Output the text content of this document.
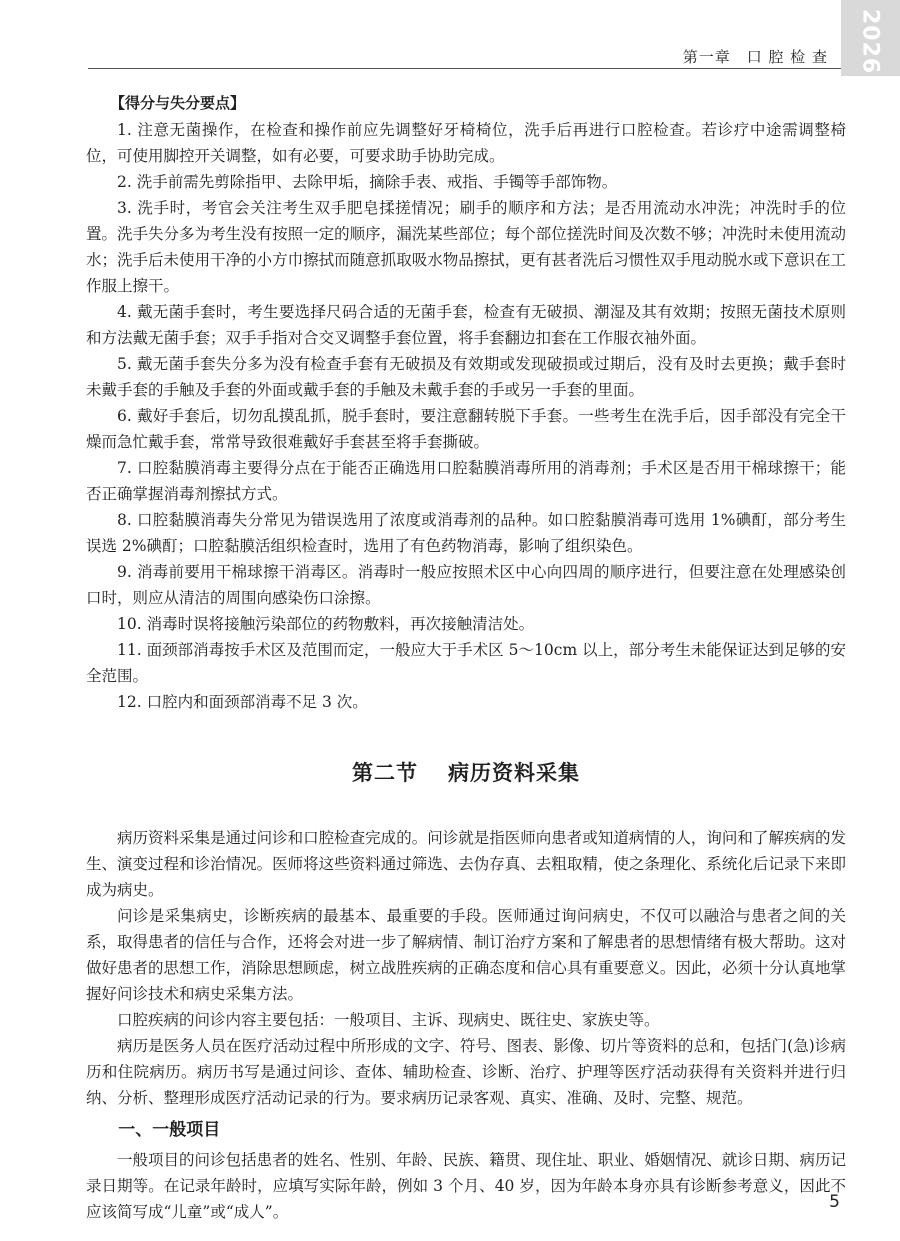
2026
第一章　口 腔 检 查
【得分与失分要点】

1. 注意无菌操作，在检查和操作前应先调整好牙椅椅位，洗手后再进行口腔检查。若诊疗中途需调整椅位，可使用脚控开关调整，如有必要，可要求助手协助完成。

2. 洗手前需先剪除指甲、去除甲垢，摘除手表、戒指、手镯等手部饰物。

3. 洗手时，考官会关注考生双手肥皂揉搓情况；刷手的顺序和方法；是否用流动水冲洗；冲洗时手的位置。洗手失分多为考生没有按照一定的顺序，漏洗某些部位；每个部位搓洗时间及次数不够；冲洗时未使用流动水；洗手后未使用干净的小方巾擦拭而随意抓取吸水物品擦拭，更有甚者洗后习惯性双手甩动脱水或下意识在工作服上擦干。

4. 戴无菌手套时，考生要选择尺码合适的无菌手套，检查有无破损、潮湿及其有效期；按照无菌技术原则和方法戴无菌手套；双手手指对合交叉调整手套位置，将手套翻边扣套在工作服衣袖外面。

5. 戴无菌手套失分多为没有检查手套有无破损及有效期或发现破损或过期后，没有及时去更换；戴手套时未戴手套的手触及手套的外面或戴手套的手触及未戴手套的手或另一手套的里面。

6. 戴好手套后，切勿乱摸乱抓，脱手套时，要注意翻转脱下手套。一些考生在洗手后，因手部没有完全干燥而急忙戴手套，常常导致很难戴好手套甚至将手套撕破。

7. 口腔黏膜消毒主要得分点在于能否正确选用口腔黏膜消毒所用的消毒剂；手术区是否用干棉球擦干；能否正确掌握消毒剂擦拭方式。

8. 口腔黏膜消毒失分常见为错误选用了浓度或消毒剂的品种。如口腔黏膜消毒可选用 1%碘酊，部分考生误选 2%碘酊；口腔黏膜活组织检查时，选用了有色药物消毒，影响了组织染色。

9. 消毒前要用干棉球擦干消毒区。消毒时一般应按照术区中心向四周的顺序进行，但要注意在处理感染创口时，则应从清洁的周围向感染伤口涂擦。

10. 消毒时误将接触污染部位的药物敷料，再次接触清洁处。

11. 面颈部消毒按手术区及范围而定，一般应大于手术区 5～10cm 以上，部分考生未能保证达到足够的安全范围。

12. 口腔内和面颈部消毒不足 3 次。

第二节 病历资料采集

病历资料采集是通过问诊和口腔检查完成的。问诊就是指医师向患者或知道病情的人，询问和了解疾病的发生、演变过程和诊治情况。医师将这些资料通过筛选、去伪存真、去粗取精，使之条理化、系统化后记录下来即成为病史。

问诊是采集病史，诊断疾病的最基本、最重要的手段。医师通过询问病史，不仅可以融洽与患者之间的关系，取得患者的信任与合作，还将会对进一步了解病情、制订治疗方案和了解患者的思想情绪有极大帮助。这对做好患者的思想工作，消除思想顾虑，树立战胜疾病的正确态度和信心具有重要意义。因此，必须十分认真地掌握好问诊技术和病史采集方法。

口腔疾病的问诊内容主要包括：一般项目、主诉、现病史、既往史、家族史等。

病历是医务人员在医疗活动过程中所形成的文字、符号、图表、影像、切片等资料的总和，包括门(急)诊病历和住院病历。病历书写是通过问诊、查体、辅助检查、诊断、治疗、护理等医疗活动获得有关资料并进行归纳、分析、整理形成医疗活动记录的行为。要求病历记录客观、真实、准确、及时、完整、规范。

一、一般项目

一般项目的问诊包括患者的姓名、性别、年龄、民族、籍贯、现住址、职业、婚姻情况、就诊日期、病历记录日期等。在记录年龄时，应填写实际年龄，例如 3 个月、40 岁，因为年龄本身亦具有诊断参考意义，因此不应该简写成“儿童”或“成人”。	5
